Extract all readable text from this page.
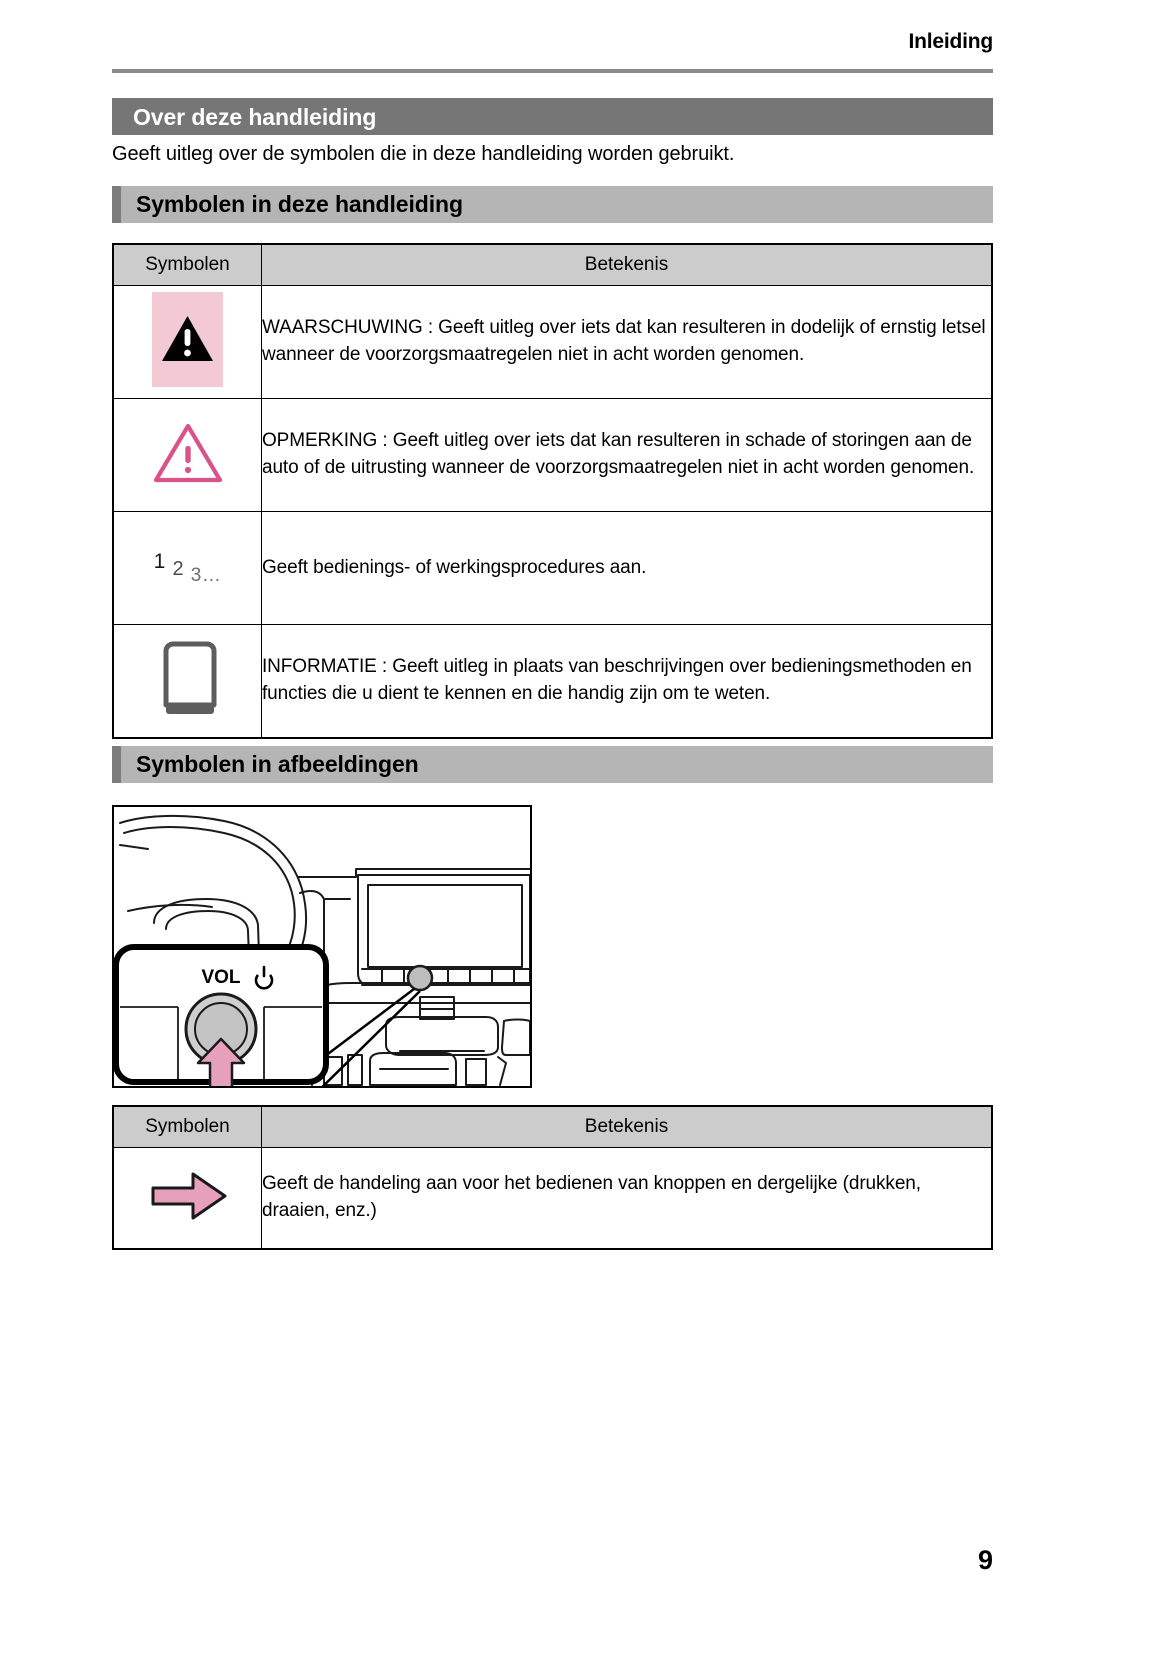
Inleiding
Over deze handleiding
Geeft uitleg over de symbolen die in deze handleiding worden gebruikt.
Symbolen in deze handleiding
Symbolen	Betekenis

WAARSCHUWING : Geeft uitleg over iets dat kan resulteren in dodelijk of ernstig letsel wanneer de voorzorgsmaatregelen niet in acht worden genomen.

OPMERKING : Geeft uitleg over iets dat kan resulteren in schade of storingen aan de auto of de uitrusting wanneer de voorzorgsmaatregelen niet in acht worden genomen.

1 2 3…	Geeft bedienings- of werkingsprocedures aan.

INFORMATIE : Geeft uitleg in plaats van beschrijvingen over bedieningsmethoden en functies die u dient te kennen en die handig zijn om te weten.

Symbolen in afbeeldingen
VOL
Symbolen	Betekenis

Geeft de handeling aan voor het bedienen van knoppen en dergelijke (drukken, draaien, enz.)

9
